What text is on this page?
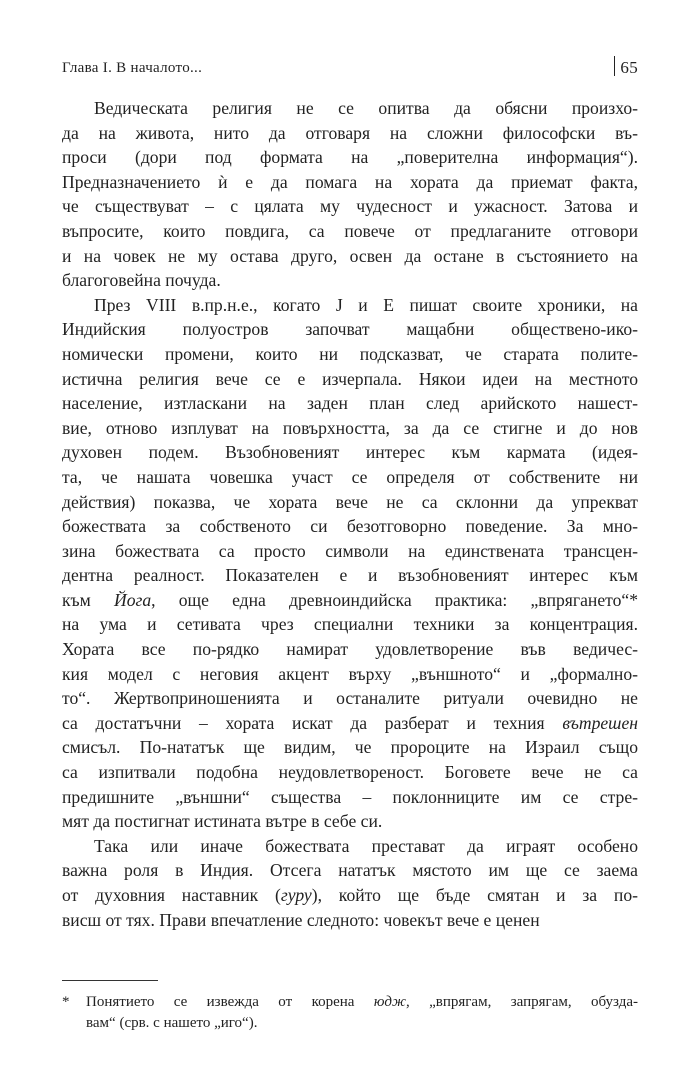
Глава I. В началото...	65
Ведическата религия не се опитва да обясни произхо-
да на живота, нито да отговаря на сложни философски въ-
проси (дори под формата на „поверителна информация“).
Предназначението ѝ е да помага на хората да приемат факта,
че съществуват – с цялата му чудесност и ужасност. Затова и
въпросите, които повдига, са повече от предлаганите отговори
и на човек не му остава друго, освен да остане в състоянието на
благоговейна почуда.
През VIII в.пр.н.е., когато J и E пишат своите хроники, на
Индийския полуостров започват мащабни обществено-ико-
номически промени, които ни подсказват, че старата полите-
истична религия вече се е изчерпала. Някои идеи на местното
население, изтласкани на заден план след арийското нашест-
вие, отново изплуват на повърхността, за да се стигне и до нов
духовен подем. Възобновеният интерес към кармата (идея-
та, че нашата човешка участ се определя от собствените ни
действия) показва, че хората вече не са склонни да упрекват
божествата за собственото си безотговорно поведение. За мно-
зина божествата са просто символи на единствената трансцен-
дентна реалност. Показателен е и възобновеният интерес към
към Йога, още една древноиндийска практика: „впрягането“*
на ума и сетивата чрез специални техники за концентрация.
Хората все по-рядко намират удовлетворение във ведичес-
кия модел с неговия акцент върху „външното“ и „формално-
то“. Жертвоприношенията и останалите ритуали очевидно не
са достатъчни – хората искат да разберат и техния вътрешен
смисъл. По-нататък ще видим, че пророците на Израил също
са изпитвали подобна неудовлетвореност. Боговете вече не са
предишните „външни“ същества – поклонниците им се стре-
мят да постигнат истината вътре в себе си.
Така или иначе божествата престават да играят особено
важна роля в Индия. Отсега нататък мястото им ще се заема
от духовния наставник (гуру), който ще бъде смятан и за по-
висш от тях. Прави впечатление следното: човекът вече е ценен
* Понятието се извежда от корена юдж, „впрягам, запрягам, обузда-
вам“ (срв. с нашето „иго“).
